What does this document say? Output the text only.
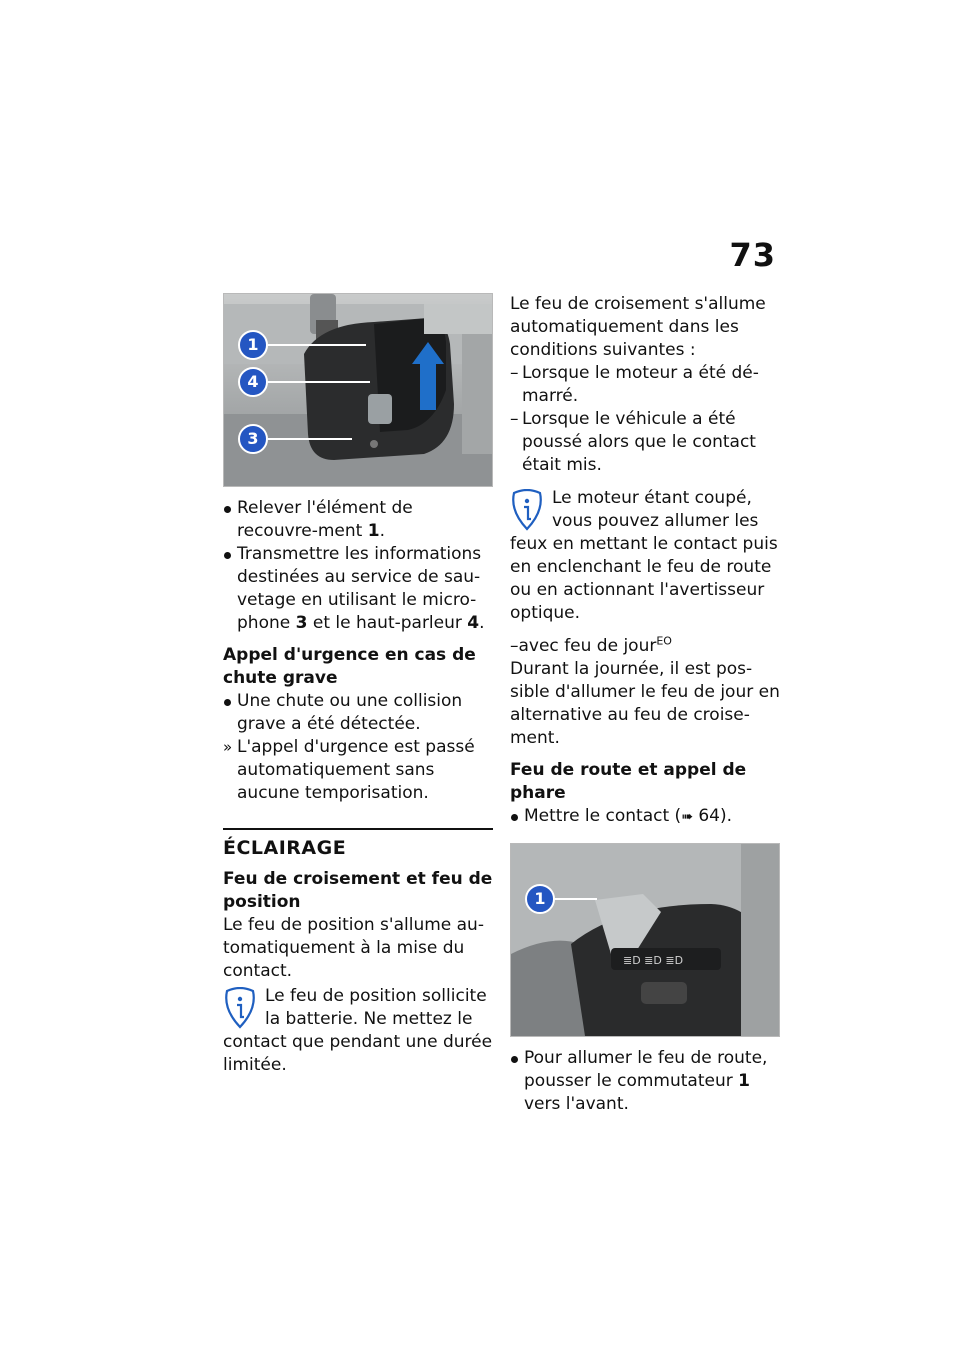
73
1
4
3
Relever l'élément de recouvre-ment 1.
Transmettre les informations destinées au service de sau-vetage en utilisant le micro-phone 3 et le haut-parleur 4.
Appel d'urgence en cas de chute grave
Une chute ou une collision grave a été détectée.
» L'appel d'urgence est passé automatiquement sans aucune temporisation.
ÉCLAIRAGE
Feu de croisement et feu de position
Le feu de position s'allume au-tomatiquement à la mise du contact.
Le feu de position sollicite la batterie. Ne mettez le contact que pendant une durée limitée.
Le feu de croisement s'allume automatiquement dans les conditions suivantes :
– Lorsque le moteur a été dé-marré.
– Lorsque le véhicule a été poussé alors que le contact était mis.
Le moteur étant coupé, vous pouvez allumer les feux en mettant le contact puis en enclenchant le feu de route ou en actionnant l'avertisseur optique.
–avec feu de jour$^{EO}$
Durant la journée, il est pos-sible d'allumer le feu de jour en alternative au feu de croise-ment.
Feu de route et appel de phare
Mettre le contact (➠ 64).
≣D ≣D ≣D
1
Pour allumer le feu de route, pousser le commutateur 1 vers l'avant.
